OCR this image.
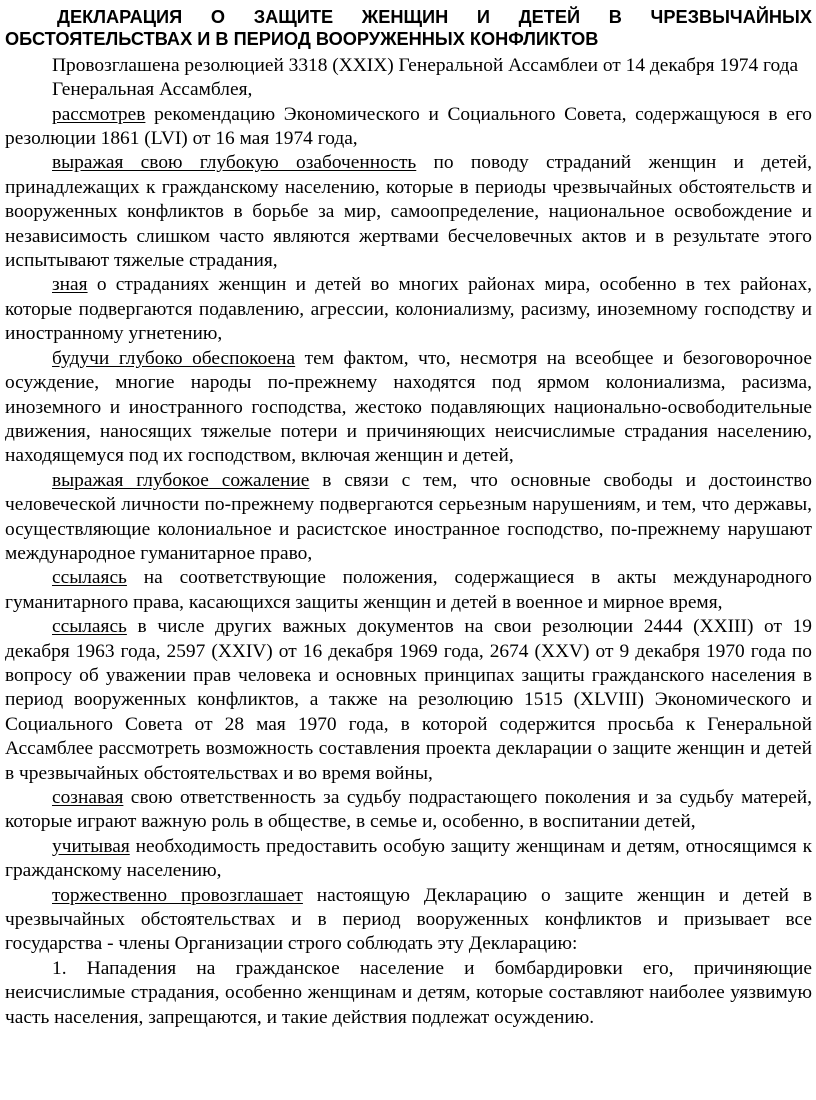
ДЕКЛАРАЦИЯ О ЗАЩИТЕ ЖЕНЩИН И ДЕТЕЙ В ЧРЕЗВЫЧАЙНЫХ
ОБСТОЯТЕЛЬСТВАХ И В ПЕРИОД ВООРУЖЕННЫХ КОНФЛИКТОВ

Провозглашена резолюцией 3318 (XXIX) Генеральной Ассамблеи от 14 декабря 1974 года

Генеральная Ассамблея,

рассмотрев рекомендацию Экономического и Социального Совета, содержащуюся в его резолюции 1861 (LVI) от 16 мая 1974 года,

выражая свою глубокую озабоченность по поводу страданий женщин и детей, принадлежащих к гражданскому населению, которые в периоды чрезвычайных обстоятельств и вооруженных конфликтов в борьбе за мир, самоопределение, национальное освобождение и независимость слишком часто являются жертвами бесчеловечных актов и в результате этого испытывают тяжелые страдания,

зная о страданиях женщин и детей во многих районах мира, особенно в тех районах, которые подвергаются подавлению, агрессии, колониализму, расизму, иноземному господству и иностранному угнетению,

будучи глубоко обеспокоена тем фактом, что, несмотря на всеобщее и безоговорочное осуждение, многие народы по-прежнему находятся под ярмом колониализма, расизма, иноземного и иностранного господства, жестоко подавляющих национально-освободительные движения, наносящих тяжелые потери и причиняющих неисчислимые страдания населению, находящемуся под их господством, включая женщин и детей,

выражая глубокое сожаление в связи с тем, что основные свободы и достоинство человеческой личности по-прежнему подвергаются серьезным нарушениям, и тем, что державы, осуществляющие колониальное и расистское иностранное господство, по-прежнему нарушают международное гуманитарное право,

ссылаясь на соответствующие положения, содержащиеся в акты международного гуманитарного права, касающихся защиты женщин и детей в военное и мирное время,

ссылаясь в числе других важных документов на свои резолюции 2444 (XXIII) от 19 декабря 1963 года, 2597 (XXIV) от 16 декабря 1969 года, 2674 (XXV) от 9 декабря 1970 года по вопросу об уважении прав человека и основных принципах защиты гражданского населения в период вооруженных конфликтов, а также на резолюцию 1515 (XLVIII) Экономического и Социального Совета от 28 мая 1970 года, в которой содержится просьба к Генеральной Ассамблее рассмотреть возможность составления проекта декларации о защите женщин и детей в чрезвычайных обстоятельствах и во время войны,

сознавая свою ответственность за судьбу подрастающего поколения и за судьбу матерей, которые играют важную роль в обществе, в семье и, особенно, в воспитании детей,

учитывая необходимость предоставить особую защиту женщинам и детям, относящимся к гражданскому населению,

торжественно провозглашает настоящую Декларацию о защите женщин и детей в чрезвычайных обстоятельствах и в период вооруженных конфликтов и призывает все государства - члены Организации строго соблюдать эту Декларацию:

1. Нападения на гражданское население и бомбардировки его, причиняющие неисчислимые страдания, особенно женщинам и детям, которые составляют наиболее уязвимую часть населения, запрещаются, и такие действия подлежат осуждению.
